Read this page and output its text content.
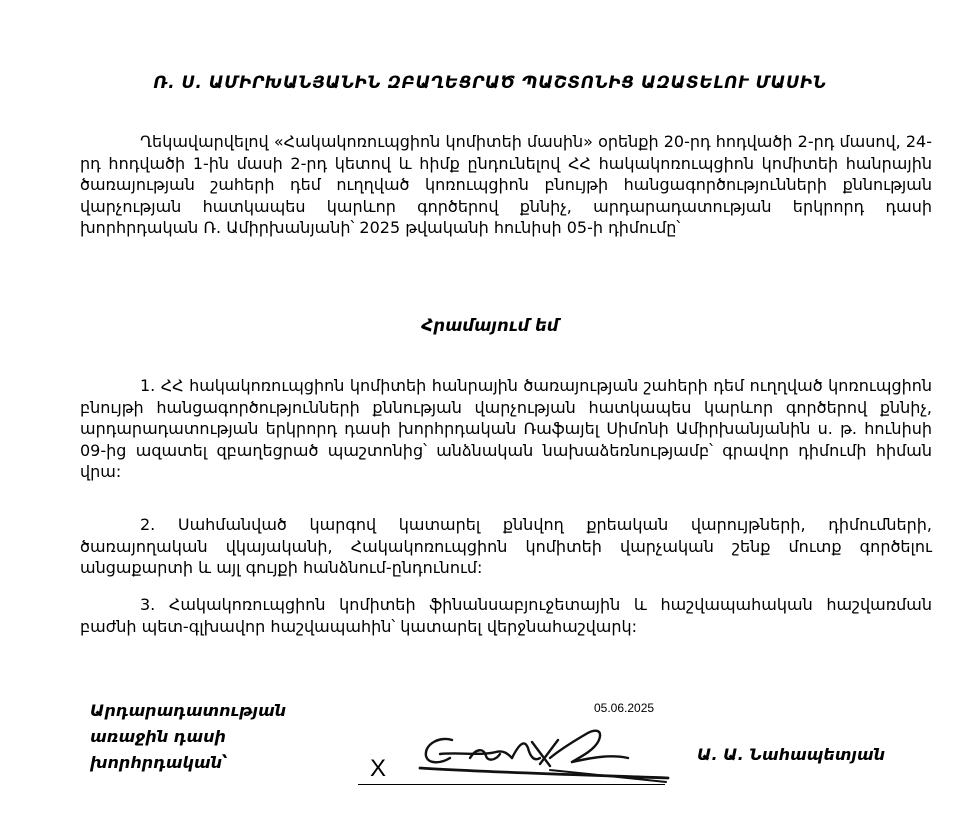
Ռ. Ս. ԱՄԻՐԽԱՆՅԱՆԻՆ ԶԲԱՂԵՑՐԱԾ ՊԱՇՏՈՆԻՑ ԱԶԱՏԵԼՈՒ ՄԱՍԻՆ

Ղեկավարվելով «Հակակոռուպցիոն կոմիտեի մասին» օրենքի 20-րդ հոդվածի 2-րդ մասով, 24-րդ հոդվածի 1-ին մասի 2-րդ կետով և հիմք ընդունելով ՀՀ հակակոռուպցիոն կոմիտեի հանրային ծառայության շահերի դեմ ուղղված կոռուպցիոն բնույթի հանցագործությունների քննության վարչության հատկապես կարևոր գործերով քննիչ, արդարադատության երկրորդ դասի խորհրդական Ռ. Ամիրխանյանի՝ 2025 թվականի հունիսի 05-ի դիմումը՝

Հրամայում եմ

1. ՀՀ հակակոռուպցիոն կոմիտեի հանրային ծառայության շահերի դեմ ուղղված կոռուպցիոն բնույթի հանցագործությունների քննության վարչության հատկապես կարևոր գործերով քննիչ, արդարադատության երկրորդ դասի խորհրդական Ռաֆայել Սիմոնի Ամիրխանյանին ս. թ. հունիսի 09-ից ազատել զբաղեցրած պաշտոնից՝ անձնական նախաձեռնությամբ՝ գրավոր դիմումի հիման վրա:

2. Սահմանված կարգով կատարել քննվող քրեական վարույթների, դիմումների, ծառայողական վկայականի, Հակակոռուպցիոն կոմիտեի վարչական շենք մուտք գործելու անցաքարտի և այլ գույքի հանձնում-ընդունում:

3. Հակակոռուպցիոն կոմիտեի ֆինանսաբյուջետային և հաշվապահական հաշվառման բաժնի պետ-գլխավոր հաշվապահին՝ կատարել վերջնահաշվարկ:

Արդարադատության
առաջին դասի
խորհրդական՝
05.06.2025
X
Ա. Ա. Նահապետյան
